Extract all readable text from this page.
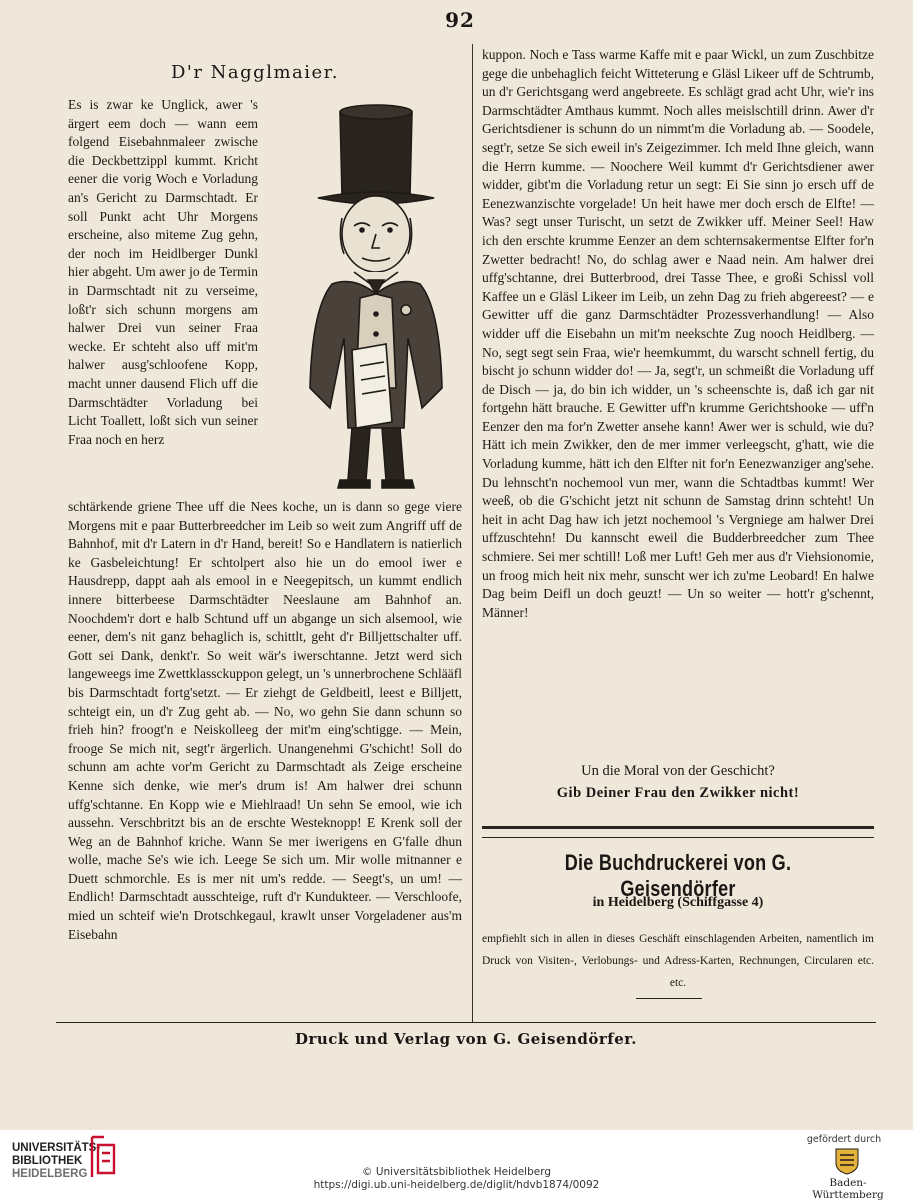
92
D'r Nagglmaier.

Es is zwar ke Unglick, awer 's ärgert eem doch — wann eem folgend Eisebahnmaleer zwische die Deckbettzippl kummt. Kricht eener die vorig Woch e Vorladung an's Gericht zu Darmschtadt. Er soll Punkt acht Uhr Morgens erscheine, also miteme Zug gehn, der noch im Heidlberger Dunkl hier abgeht. Um awer jo de Termin in Darmschtadt nit zu verseime, loßt'r sich schunn morgens am halwer Drei vun seiner Fraa wecke. Er schteht also uff mit'm halwer ausg'schloofene Kopp, macht unner dausend Flich uff die Darmschtädter Vorladung bei Licht Toallett, loßt sich vun seiner Fraa noch en herz

schtärkende griene Thee uff die Nees koche, un is dann so gege viere Morgens mit e paar Butterbreedcher im Leib so weit zum Angriff uff de Bahnhof, mit d'r Latern in d'r Hand, bereit! So e Handlatern is natierlich ke Gasbeleichtung! Er schtolpert also hie un do emool iwer e Hausdrepp, dappt aah als emool in e Neegepitsch, un kummt endlich innere bitterbeese Darmschtädter Neeslaune am Bahnhof an. Noochdem'r dort e halb Schtund uff un abgange un sich alsemool, wie eener, dem's nit ganz behaglich is, schittlt, geht d'r Billjettschalter uff. Gott sei Dank, denkt'r. So weit wär's iwerschtanne. Jetzt werd sich langeweegs ime Zwettklassckuppon gelegt, un 's unnerbrochene Schlääfl bis Darmschtadt fortg'setzt. — Er ziehgt de Geldbeitl, leest e Billjett, schteigt ein, un d'r Zug geht ab. — No, wo gehn Sie dann schunn so frieh hin? froogt'n e Neiskolleeg der mit'm eing'schtigge. — Mein, frooge Se mich nit, segt'r ärgerlich. Unangenehmi G'schicht! Soll do schunn am achte vor'm Gericht zu Darmschtadt als Zeige erscheine Kenne sich denke, wie mer's drum is! Am halwer drei schunn uffg'schtanne. En Kopp wie e Miehlraad! Un sehn Se emool, wie ich aussehn. Verschbritzt bis an de erschte Westeknopp! E Krenk soll der Weg an de Bahnhof kriche. Wann Se mer iwerigens en G'falle dhun wolle, mache Se's wie ich. Leege Se sich um. Mir wolle mitnanner e Duett schmorchle. Es is mer nit um's redde. — Seegt's, un um! — Endlich! Darmschtadt ausschteige, ruft d'r Kundukteer. — Verschloofe, mied un schteif wie'n Drotschkegaul, krawlt unser Vorgeladener aus'm Eisebahn

kuppon. Noch e Tass warme Kaffe mit e paar Wickl, un zum Zuschbitze gege die unbehaglich feicht Witteterung e Gläsl Likeer uff de Schtrumb, un d'r Gerichtsgang werd angebreete. Es schlägt grad acht Uhr, wie'r ins Darmschtädter Amthaus kummt. Noch alles meislschtill drinn. Awer d'r Gerichtsdiener is schunn do un nimmt'm die Vorladung ab. — Soodele, segt'r, setze Se sich eweil in's Zeigezimmer. Ich meld Ihne gleich, wann die Herrn kumme. — Noochere Weil kummt d'r Gerichtsdiener awer widder, gibt'm die Vorladung retur un segt: Ei Sie sinn jo ersch uff de Eenezwanzischte vorgelade! Un heit hawe mer doch ersch de Elfte! — Was? segt unser Turischt, un setzt de Zwikker uff. Meiner Seel! Haw ich den erschte krumme Eenzer an dem schternsakermentse Elfter for'n Zwetter bedracht! No, do schlag awer e Naad nein. Am halwer drei uffg'schtanne, drei Butterbrood, drei Tasse Thee, e großi Schissl voll Kaffee un e Gläsl Likeer im Leib, un zehn Dag zu frieh abgereest? — e Gewitter uff die ganz Darmschtädter Prozessverhandlung! — Also widder uff die Eisebahn un mit'm neekschte Zug nooch Heidlberg. — No, segt segt sein Fraa, wie'r heemkummt, du warscht schnell fertig, du bischt jo schunn widder do! — Ja, segt'r, un schmeißt die Vorladung uff de Disch — ja, do bin ich widder, un 's scheenschte is, daß ich gar nit fortgehn hätt brauche. E Gewitter uff'n krumme Gerichtshooke — uff'n Eenzer den ma for'n Zwetter ansehe kann! Awer wer is schuld, wie du? Hätt ich mein Zwikker, den de mer immer verleegscht, g'hatt, wie die Vorladung kumme, hätt ich den Elfter nit for'n Eenezwanziger ang'sehe. Du lehnscht'n nochemool vun mer, wann die Schtadtbas kummt! Wer weeß, ob die G'schicht jetzt nit schunn de Samstag drinn schteht! Un heit in acht Dag haw ich jetzt nochemool 's Vergniege am halwer Drei uffzuschtehn! Du kannscht eweil die Budderbreedcher zum Thee schmiere. Sei mer schtill! Loß mer Luft! Geh mer aus d'r Viehsionomie, un froog mich heit nix mehr, sunscht wer ich zu'me Leobard! En halwe Dag beim Deifl un doch geuzt! — Un so weiter — hott'r g'schennt, Männer!

Un die Moral von der Geschicht?
Gib Deiner Frau den Zwikker nicht!
Die Buchdruckerei von G. Geisendörfer
in Heidelberg (Schiffgasse 4)

empfiehlt sich in allen in dieses Geschäft einschlagenden Arbeiten, namentlich im Druck von Visiten-, Verlobungs- und Adress-Karten, Rechnungen, Circularen etc. etc.

Druck und Verlag von G. Geisendörfer.
UNIVERSITÄTS-
BIBLIOTHEK
HEIDELBERG	© Universitätsbibliothek Heidelberg
https://digi.ub.uni-heidelberg.de/diglit/hdvb1874/0092
gefördert durch
Baden-Württemberg
